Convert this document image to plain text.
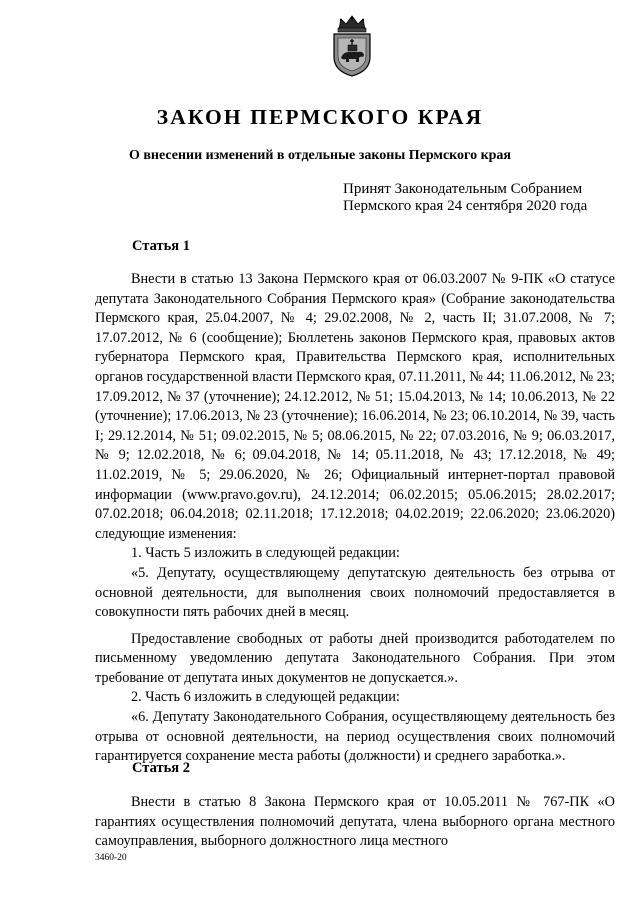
ЗАКОН ПЕРМСКОГО КРАЯ
О внесении изменений в отдельные законы Пермского края
Принят Законодательным Собранием
Пермского края 24 сентября 2020 года
Статья 1

Внести в статью 13 Закона Пермского края от 06.03.2007 № 9-ПК «О статусе депутата Законодательного Собрания Пермского края» (Собрание законодательства Пермского края, 25.04.2007, № 4; 29.02.2008, № 2, часть II; 31.07.2008, № 7; 17.07.2012, № 6 (сообщение); Бюллетень законов Пермского края, правовых актов губернатора Пермского края, Правительства Пермского края, исполнительных органов государственной власти Пермского края, 07.11.2011, № 44; 11.06.2012, № 23; 17.09.2012, № 37 (уточнение); 24.12.2012, № 51; 15.04.2013, № 14; 10.06.2013, № 22 (уточнение); 17.06.2013, № 23 (уточнение); 16.06.2014, № 23; 06.10.2014, № 39, часть I; 29.12.2014, № 51; 09.02.2015, № 5; 08.06.2015, № 22; 07.03.2016, № 9; 06.03.2017, № 9; 12.02.2018, № 6; 09.04.2018, № 14; 05.11.2018, № 43; 17.12.2018, № 49; 11.02.2019, № 5; 29.06.2020, № 26; Официальный интернет-портал правовой информации (www.pravo.gov.ru), 24.12.2014; 06.02.2015; 05.06.2015; 28.02.2017; 07.02.2018; 06.04.2018; 02.11.2018; 17.12.2018; 04.02.2019; 22.06.2020; 23.06.2020) следующие изменения:

1. Часть 5 изложить в следующей редакции:

«5. Депутату, осуществляющему депутатскую деятельность без отрыва от основной деятельности, для выполнения своих полномочий предоставляется в совокупности пять рабочих дней в месяц.

Предоставление свободных от работы дней производится работодателем по письменному уведомлению депутата Законодательного Собрания. При этом требование от депутата иных документов не допускается.».

2. Часть 6 изложить в следующей редакции:

«6. Депутату Законодательного Собрания, осуществляющему деятельность без отрыва от основной деятельности, на период осуществления своих полномочий гарантируется сохранение места работы (должности) и среднего заработка.».

Статья 2

Внести в статью 8 Закона Пермского края от 10.05.2011 № 767-ПК «О гарантиях осуществления полномочий депутата, члена выборного органа местного самоуправления, выборного должностного лица местного

3460-20
